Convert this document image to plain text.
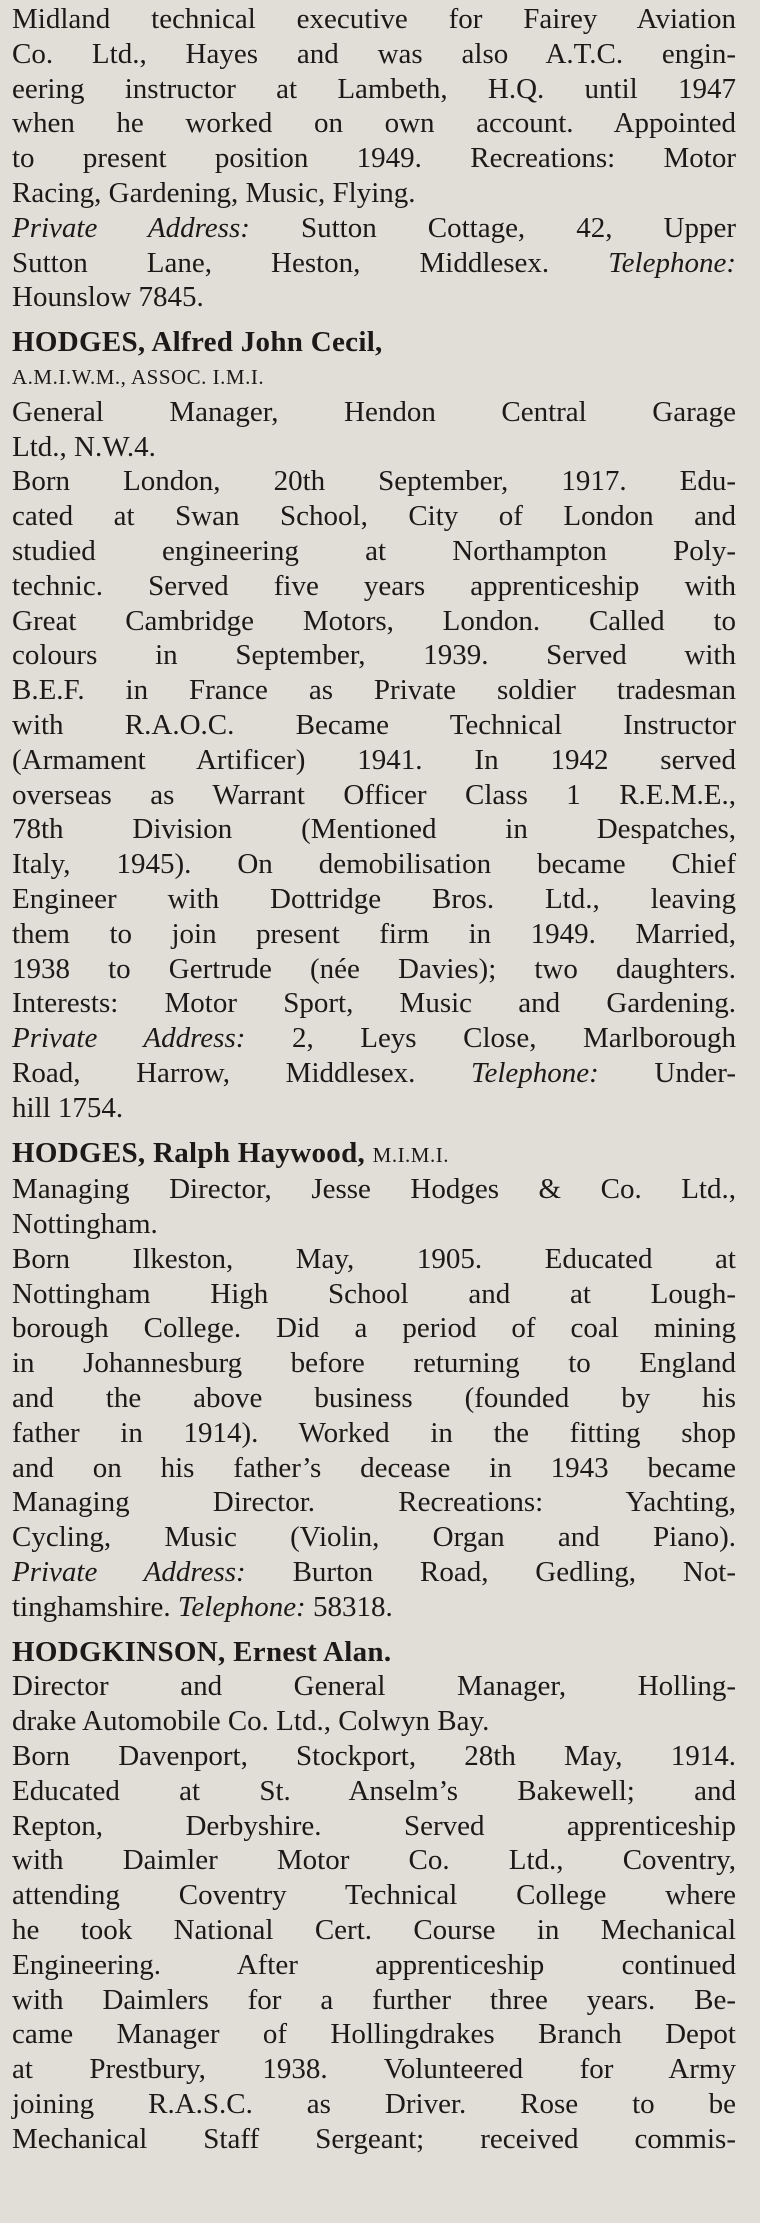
Midland technical executive for Fairey Aviation
Co. Ltd., Hayes and was also A.T.C. engin-
eering instructor at Lambeth, H.Q. until 1947
when he worked on own account. Appointed
to present position 1949. Recreations: Motor
Racing, Gardening, Music, Flying.
Private Address: Sutton Cottage, 42, Upper
Sutton Lane, Heston, Middlesex. Telephone:
Hounslow 7845.
HODGES, Alfred John Cecil,
A.M.I.W.M., ASSOC. I.M.I.
General Manager, Hendon Central Garage
Ltd., N.W.4.
Born London, 20th September, 1917. Edu-
cated at Swan School, City of London and
studied engineering at Northampton Poly-
technic. Served five years apprenticeship with
Great Cambridge Motors, London. Called to
colours in September, 1939. Served with
B.E.F. in France as Private soldier tradesman
with R.A.O.C. Became Technical Instructor
(Armament Artificer) 1941. In 1942 served
overseas as Warrant Officer Class 1 R.E.M.E.,
78th Division (Mentioned in Despatches,
Italy, 1945). On demobilisation became Chief
Engineer with Dottridge Bros. Ltd., leaving
them to join present firm in 1949. Married,
1938 to Gertrude (née Davies); two daughters.
Interests: Motor Sport, Music and Gardening.
Private Address: 2, Leys Close, Marlborough
Road, Harrow, Middlesex. Telephone: Under-
hill 1754.
HODGES, Ralph Haywood, M.I.M.I.
Managing Director, Jesse Hodges & Co. Ltd.,
Nottingham.
Born Ilkeston, May, 1905. Educated at
Nottingham High School and at Lough-
borough College. Did a period of coal mining
in Johannesburg before returning to England
and the above business (founded by his
father in 1914). Worked in the fitting shop
and on his father’s decease in 1943 became
Managing Director. Recreations: Yachting,
Cycling, Music (Violin, Organ and Piano).
Private Address: Burton Road, Gedling, Not-
tinghamshire. Telephone: 58318.
HODGKINSON, Ernest Alan.
Director and General Manager, Holling-
drake Automobile Co. Ltd., Colwyn Bay.
Born Davenport, Stockport, 28th May, 1914.
Educated at St. Anselm’s Bakewell; and
Repton, Derbyshire. Served apprenticeship
with Daimler Motor Co. Ltd., Coventry,
attending Coventry Technical College where
he took National Cert. Course in Mechanical
Engineering. After apprenticeship continued
with Daimlers for a further three years. Be-
came Manager of Hollingdrakes Branch Depot
at Prestbury, 1938. Volunteered for Army
joining R.A.S.C. as Driver. Rose to be
Mechanical Staff Sergeant; received commis-
